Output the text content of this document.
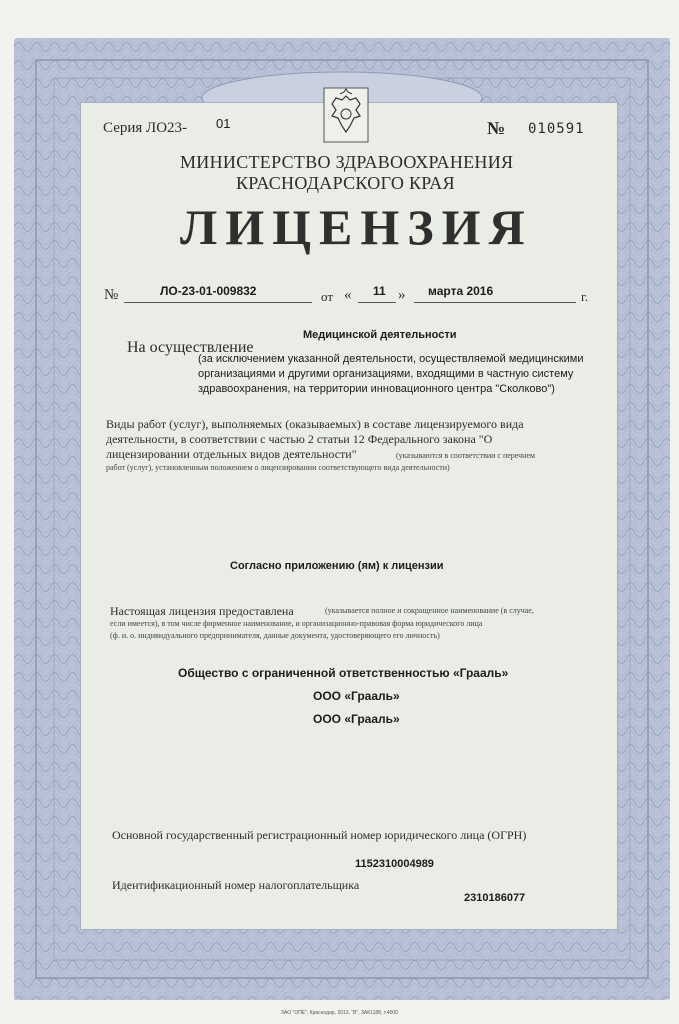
Серия ЛО23- 01	№ 010591
МИНИСТЕРСТВО ЗДРАВООХРАНЕНИЯ
КРАСНОДАРСКОГО КРАЯ
ЛИЦЕНЗИЯ
№	ЛО-23-01-009832	от « 11 » марта 2016	г.
Медицинской деятельности
На осуществление
(за исключением указанной деятельности, осуществляемой медицинскими
организациями и другими организациями, входящими в частную систему
здравоохранения, на территории инновационного центра "Сколково")
Виды работ (услуг), выполняемых (оказываемых) в составе лицензируемого вида
деятельности, в соответствии с частью 2 статьи 12 Федерального закона "О
лицензировании отдельных видов деятельности"	(указываются в соответствии с перечнем
работ (услуг), установленным положением о лицензировании соответствующего вида деятельности)
Согласно приложению (ям) к лицензии
Настоящая лицензия предоставлена	(указывается полное и сокращенное наименование (в случае,
если имеется), в том числе фирменное наименование, и организационно-правовая форма юридического лица
(ф. и. о. индивидуального предпринимателя, данные документа, удостоверяющего его личность)
Общество с ограниченной ответственностью «Грааль»
ООО «Грааль»
ООО «Грааль»
Основной государственный регистрационный номер юридического лица (ОГРН)
1152310004989
Идентификационный номер налогоплательщика
2310186077
ЗАО "ОПЕ", Краснодар, 2013, "В", ЗАК1188, т.4000
